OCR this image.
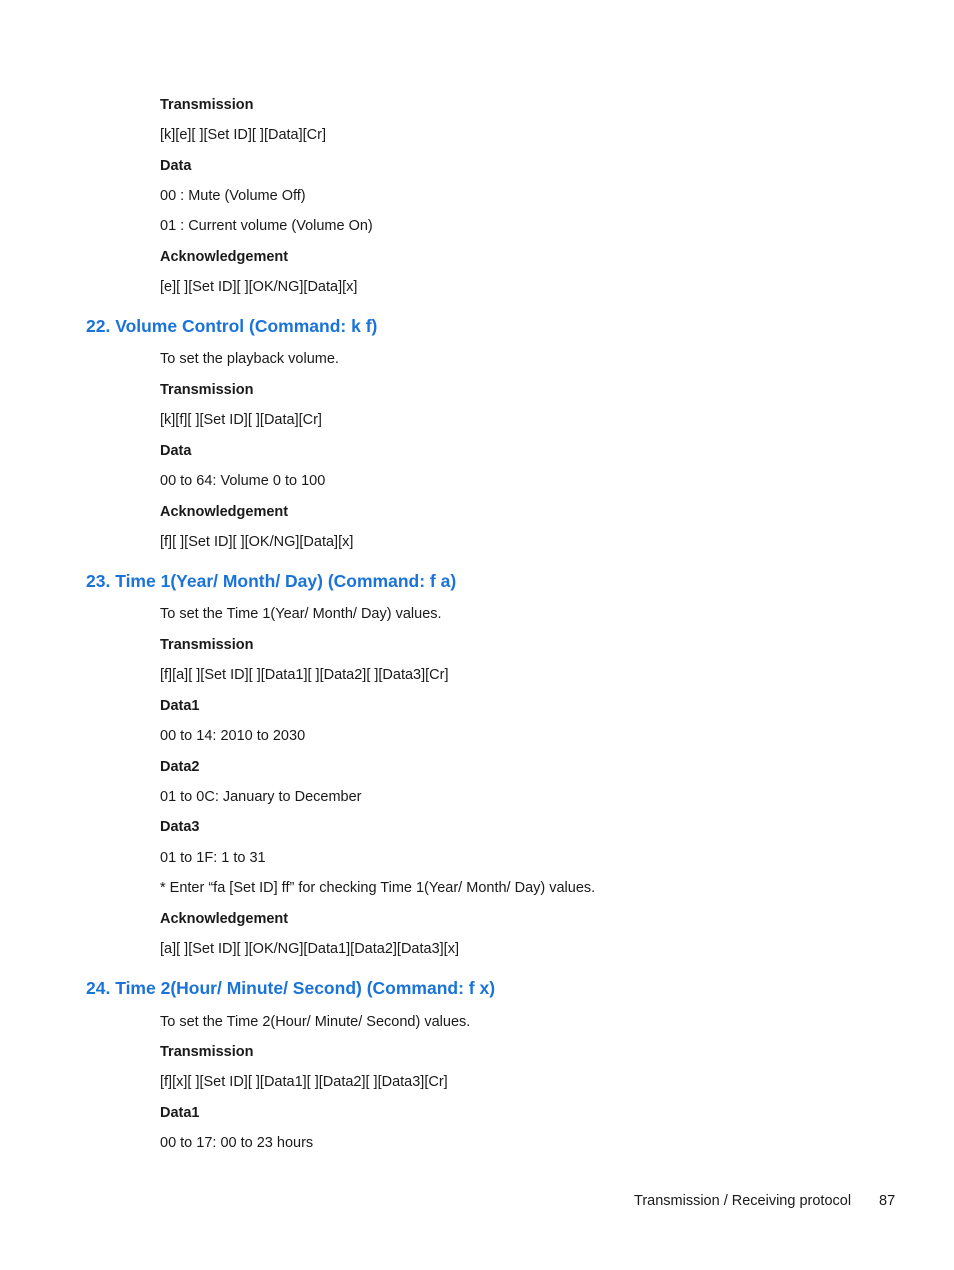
Transmission
[k][e][ ][Set ID][ ][Data][Cr]
Data
00 : Mute (Volume Off)
01 : Current volume (Volume On)
Acknowledgement
[e][ ][Set ID][ ][OK/NG][Data][x]
22. Volume Control (Command: k f)
To set the playback volume.
Transmission
[k][f][ ][Set ID][ ][Data][Cr]
Data
00 to 64: Volume 0 to 100
Acknowledgement
[f][ ][Set ID][ ][OK/NG][Data][x]
23. Time 1(Year/ Month/ Day) (Command: f a)
To set the Time 1(Year/ Month/ Day) values.
Transmission
[f][a][ ][Set ID][ ][Data1][ ][Data2][ ][Data3][Cr]
Data1
00 to 14: 2010 to 2030
Data2
01 to 0C: January to December
Data3
01 to 1F: 1 to 31
* Enter “fa [Set ID] ff” for checking Time 1(Year/ Month/ Day) values.
Acknowledgement
[a][ ][Set ID][ ][OK/NG][Data1][Data2][Data3][x]
24. Time 2(Hour/ Minute/ Second) (Command: f x)
To set the Time 2(Hour/ Minute/ Second) values.
Transmission
[f][x][ ][Set ID][ ][Data1][ ][Data2][ ][Data3][Cr]
Data1
00 to 17: 00 to 23 hours
Transmission / Receiving protocol 87
